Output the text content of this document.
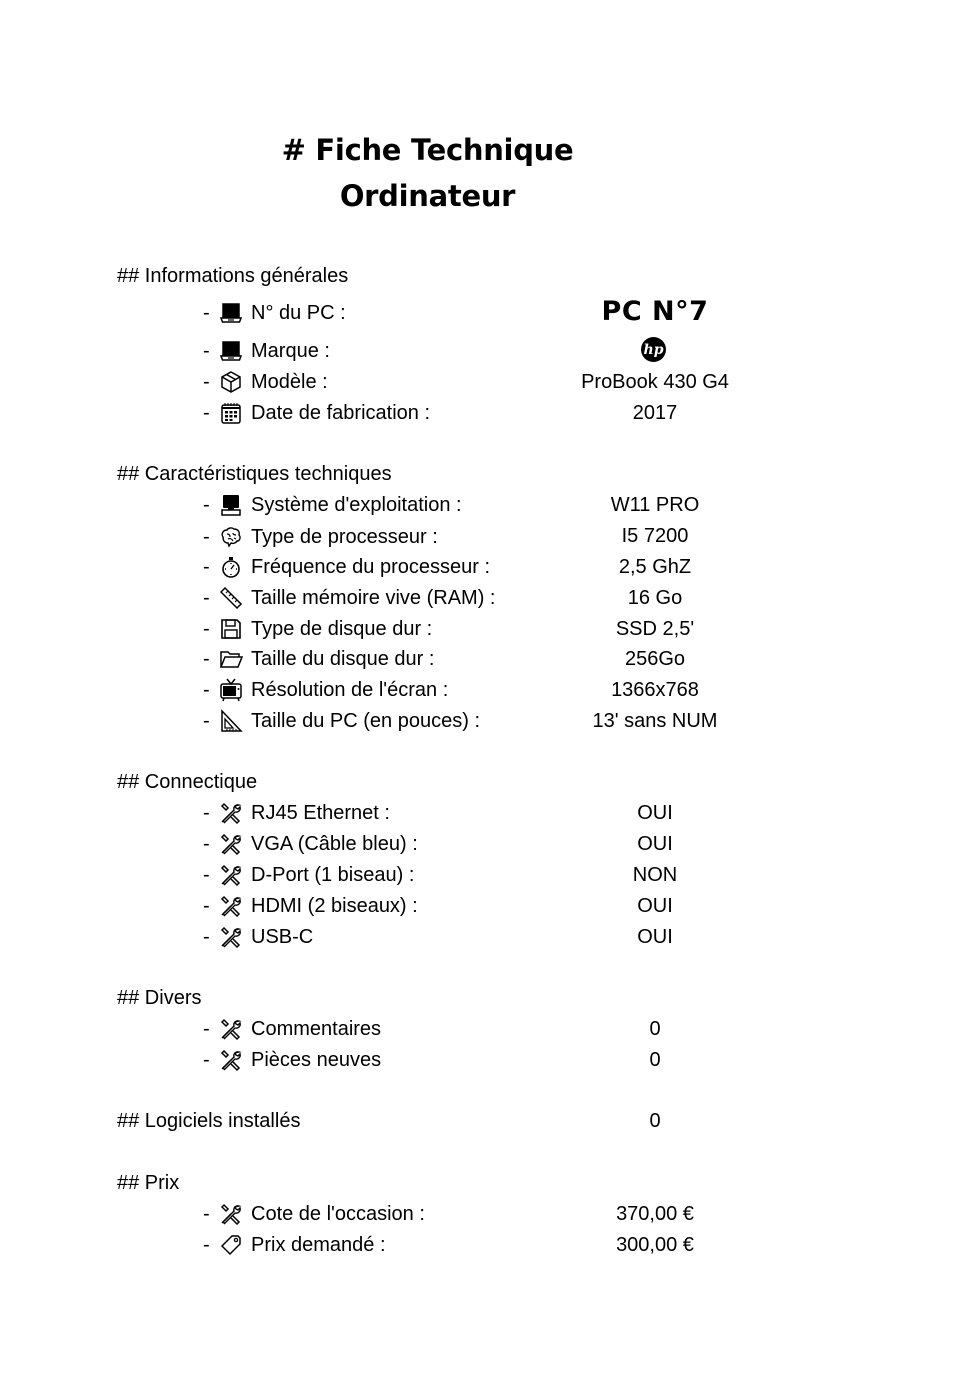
# Fiche Technique
Ordinateur
## Informations générales
-	N° du PC :	PC N°7
-	Marque :	hp
-	Modèle :	ProBook 430 G4
-	Date de fabrication :	2017
## Caractéristiques techniques
-	Système d'exploitation :	W11 PRO
-	Type de processeur :	I5 7200
-	Fréquence du processeur :	2,5 GhZ
-	Taille mémoire vive (RAM) :	16 Go
-	Type de disque dur :	SSD 2,5'
-	Taille du disque dur :	256Go
-	Résolution de l'écran :	1366x768
-	Taille du PC (en pouces) :	13' sans NUM
## Connectique
-	RJ45 Ethernet :	OUI
-	VGA (Câble bleu) :	OUI
-	D-Port (1 biseau) :	NON
-	HDMI (2 biseaux) :	OUI
-	USB-C	OUI
## Divers
-	Commentaires	0
-	Pièces neuves	0
## Logiciels installés	0
## Prix
-	Cote de l'occasion :	370,00 €
-	Prix demandé :	300,00 €
